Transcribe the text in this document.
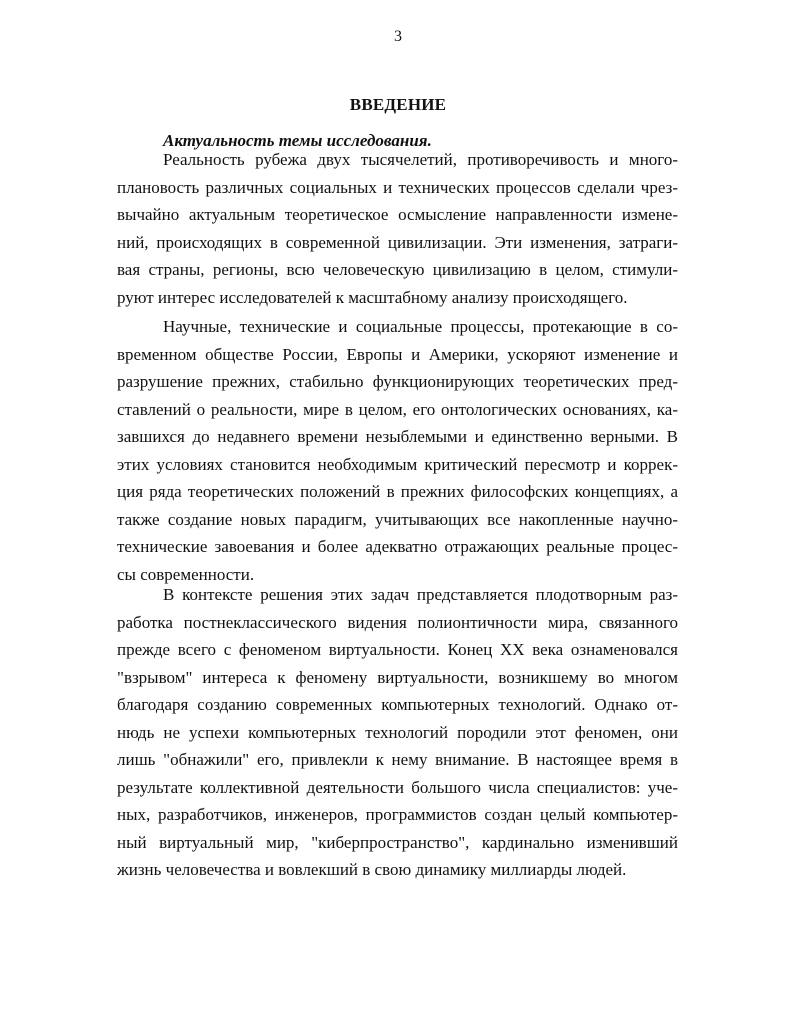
3
ВВЕДЕНИЕ
Актуальность темы исследования.
Реальность рубежа двух тысячелетий, противоречивость и много-
плановость различных социальных и технических процессов сделали чрез-
вычайно актуальным теоретическое осмысление направленности измене-
ний, происходящих в современной цивилизации. Эти изменения, затраги-
вая страны, регионы, всю человеческую цивилизацию в целом, стимули-
руют интерес исследователей к масштабному анализу происходящего.
Научные, технические и социальные процессы, протекающие в со-
временном обществе России, Европы и Америки, ускоряют изменение и
разрушение прежних, стабильно функционирующих теоретических пред-
ставлений о реальности, мире в целом, его онтологических основаниях, ка-
завшихся до недавнего времени незыблемыми и единственно верными. В
этих условиях становится необходимым критический пересмотр и коррек-
ция ряда теоретических положений в прежних философских концепциях, а
также создание новых парадигм, учитывающих все накопленные научно-
технические завоевания и более адекватно отражающих реальные процес-
сы современности.
В контексте решения этих задач представляется плодотворным раз-
работка постнеклассического видения полионтичности мира, связанного
прежде всего с феноменом виртуальности. Конец XX века ознаменовался
"взрывом" интереса к феномену виртуальности, возникшему во многом
благодаря созданию современных компьютерных технологий. Однако от-
нюдь не успехи компьютерных технологий породили этот феномен, они
лишь "обнажили" его, привлекли к нему внимание. В настоящее время в
результате коллективной деятельности большого числа специалистов: уче-
ных, разработчиков, инженеров, программистов создан целый компьютер-
ный виртуальный мир, "киберпространство", кардинально изменивший
жизнь человечества и вовлекший в свою динамику миллиарды людей.
